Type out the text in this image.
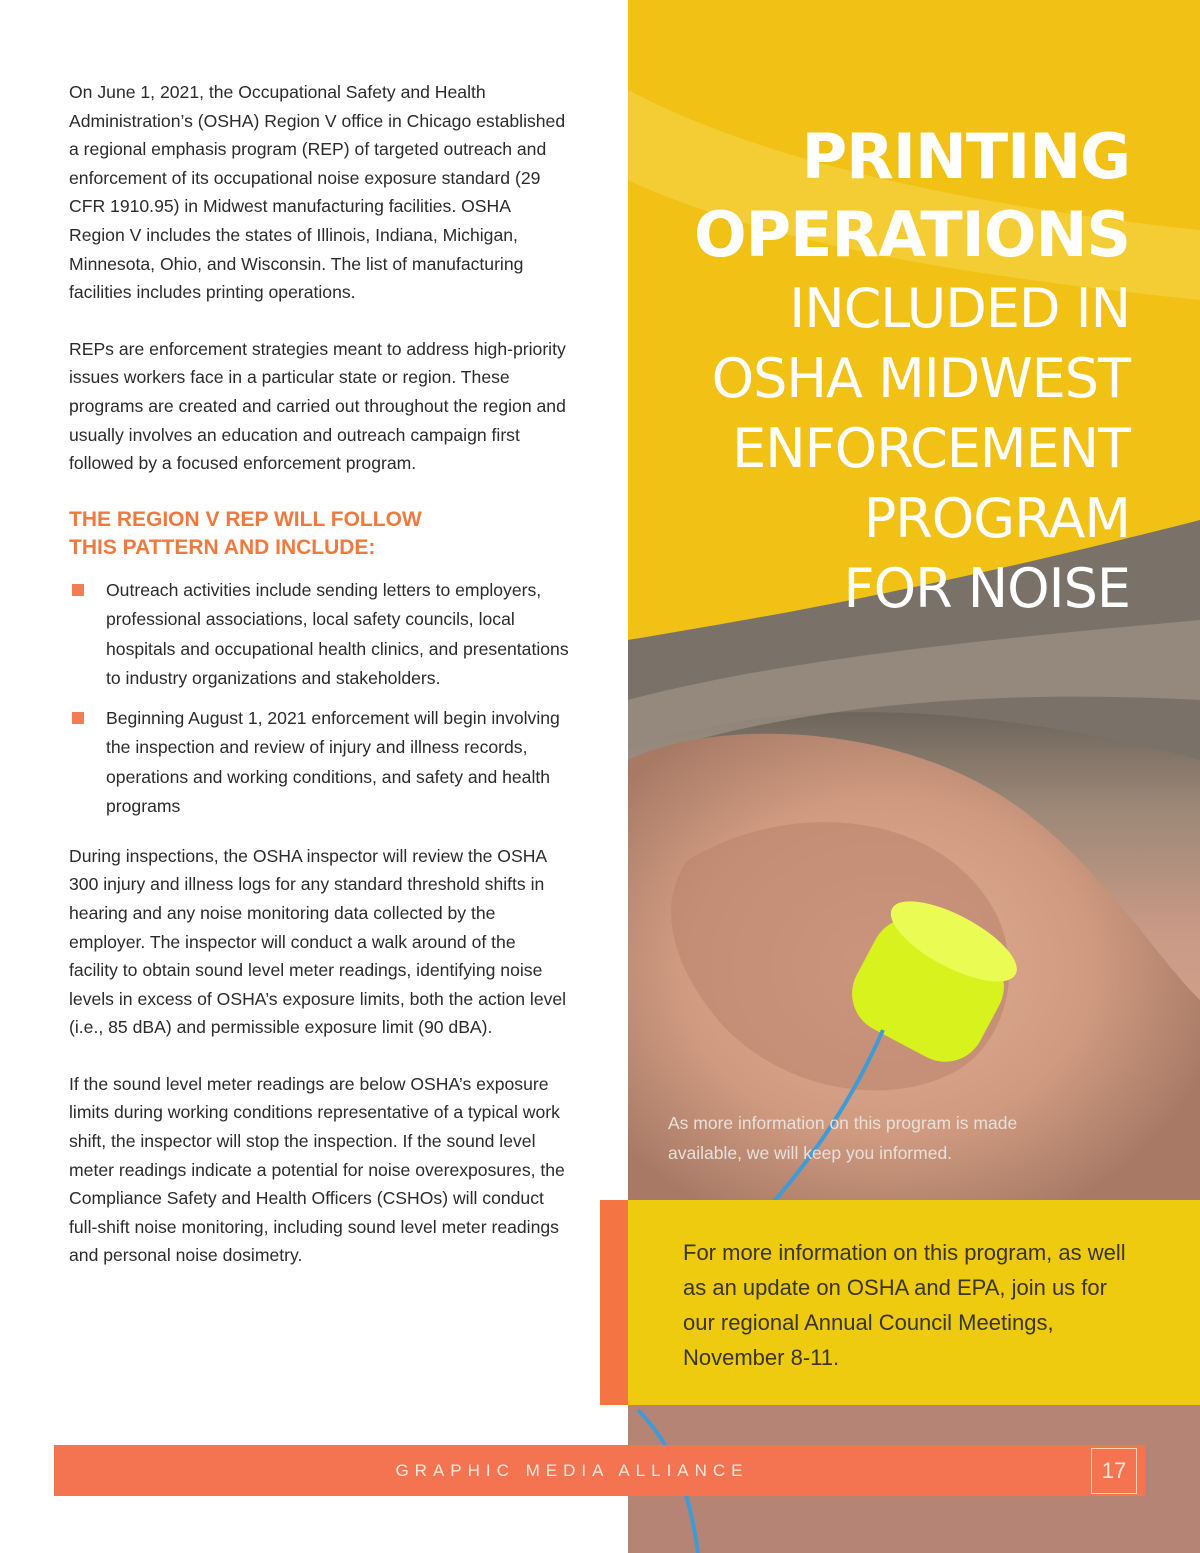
PRINTING
OPERATIONS
INCLUDED IN
OSHA MIDWEST
ENFORCEMENT
PROGRAM
FOR NOISE
As more information on this program is made available, we will keep you informed.

For more information on this program, as well as an update on OSHA and EPA, join us for our regional Annual Council Meetings, November 8-11.

On June 1, 2021, the Occupational Safety and Health Administration’s (OSHA) Region V office in Chicago established a regional emphasis program (REP) of targeted outreach and enforcement of its occupational noise exposure standard (29 CFR 1910.95) in Midwest manufacturing facilities. OSHA Region V includes the states of Illinois, Indiana, Michigan, Minnesota, Ohio, and Wisconsin. The list of manufacturing facilities includes printing operations.

REPs are enforcement strategies meant to address high-priority issues workers face in a particular state or region. These programs are created and carried out throughout the region and usually involves an education and outreach campaign first followed by a focused enforcement program.

THE REGION V REP WILL FOLLOW
THIS PATTERN AND INCLUDE:
Outreach activities include sending letters to employers, professional associations, local safety councils, local hospitals and occupational health clinics, and presentations to industry organizations and stakeholders.
Beginning August 1, 2021 enforcement will begin involving the inspection and review of injury and illness records, operations and working conditions, and safety and health programs

During inspections, the OSHA inspector will review the OSHA 300 injury and illness logs for any standard threshold shifts in hearing and any noise monitoring data collected by the employer. The inspector will conduct a walk around of the facility to obtain sound level meter readings, identifying noise levels in excess of OSHA’s exposure limits, both the action level (i.e., 85 dBA) and permissible exposure limit (90 dBA).

If the sound level meter readings are below OSHA’s exposure limits during working conditions representative of a typical work shift, the inspector will stop the inspection. If the sound level meter readings indicate a potential for noise overexposures, the Compliance Safety and Health Officers (CSHOs) will conduct full-shift noise monitoring, including sound level meter readings and personal noise dosimetry.

GRAPHIC MEDIA ALLIANCE	17
